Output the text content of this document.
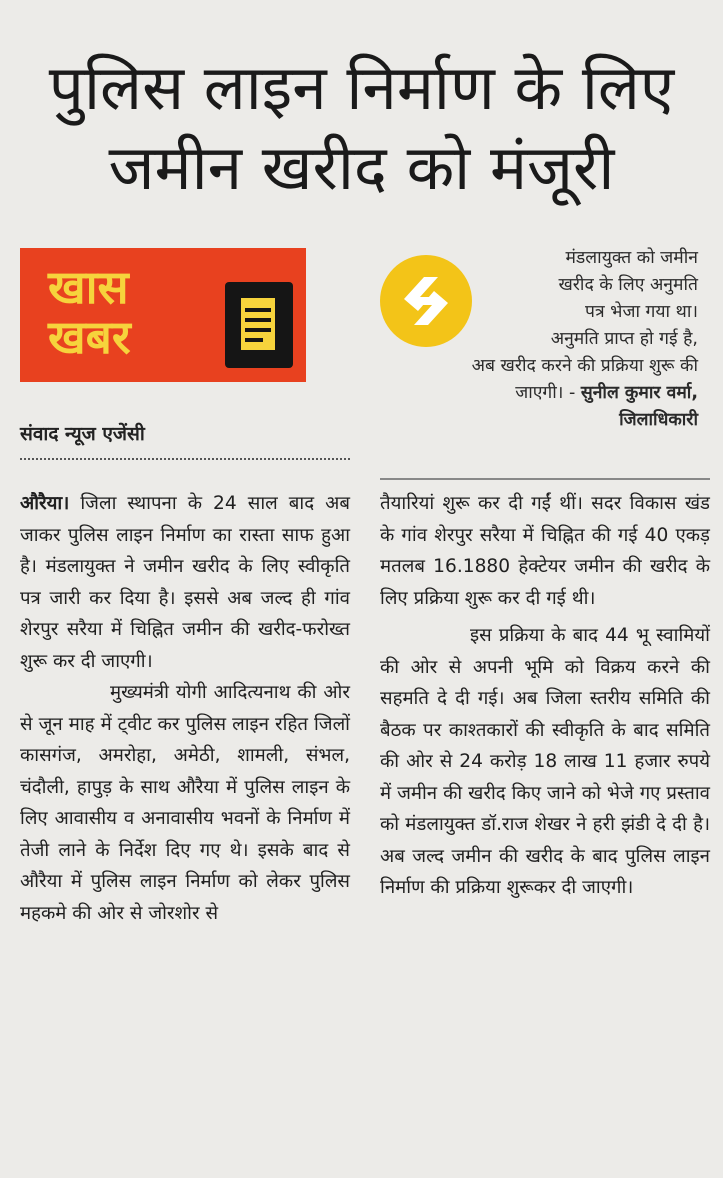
पुलिस लाइन निर्माण के लिए
जमीन खरीद को मंजूरी
खास
खबर
संवाद न्यूज एजेंसी
मंडलायुक्त को जमीन
खरीद के लिए अनुमति
पत्र भेजा गया था।
अनुमति प्राप्त हो गई है,
अब खरीद करने की प्रक्रिया शुरू की
जाएगी। - सुनील कुमार वर्मा,
जिलाधिकारी

औरैया। जिला स्थापना के 24 साल बाद अब जाकर पुलिस लाइन निर्माण का रास्ता साफ हुआ है। मंडलायुक्त ने जमीन खरीद के लिए स्वीकृति पत्र जारी कर दिया है। इससे अब जल्द ही गांव शेरपुर सरैया में चिह्नित जमीन की खरीद-फरोख्त शुरू कर दी जाएगी।

मुख्यमंत्री योगी आदित्यनाथ की ओर से जून माह में ट्वीट कर पुलिस लाइन रहित जिलों कासगंज, अमरोहा, अमेठी, शामली, संभल, चंदौली, हापुड़ के साथ औरैया में पुलिस लाइन के लिए आवासीय व अनावासीय भवनों के निर्माण में तेजी लाने के निर्देश दिए गए थे। इसके बाद से औरैया में पुलिस लाइन निर्माण को लेकर पुलिस महकमे की ओर से जोरशोर से

तैयारियां शुरू कर दी गईं थीं। सदर विकास खंड के गांव शेरपुर सरैया में चिह्नित की गई 40 एकड़ मतलब 16.1880 हेक्टेयर जमीन की खरीद के लिए प्रक्रिया शुरू कर दी गई थी।

इस प्रक्रिया के बाद 44 भू स्वामियों की ओर से अपनी भूमि को विक्रय करने की सहमति दे दी गई। अब जिला स्तरीय समिति की बैठक पर काश्तकारों की स्वीकृति के बाद समिति की ओर से 24 करोड़ 18 लाख 11 हजार रुपये में जमीन की खरीद किए जाने को भेजे गए प्रस्ताव को मंडलायुक्त डॉ.राज शेखर ने हरी झंडी दे दी है। अब जल्द जमीन की खरीद के बाद पुलिस लाइन निर्माण की प्रक्रिया शुरूकर दी जाएगी।
